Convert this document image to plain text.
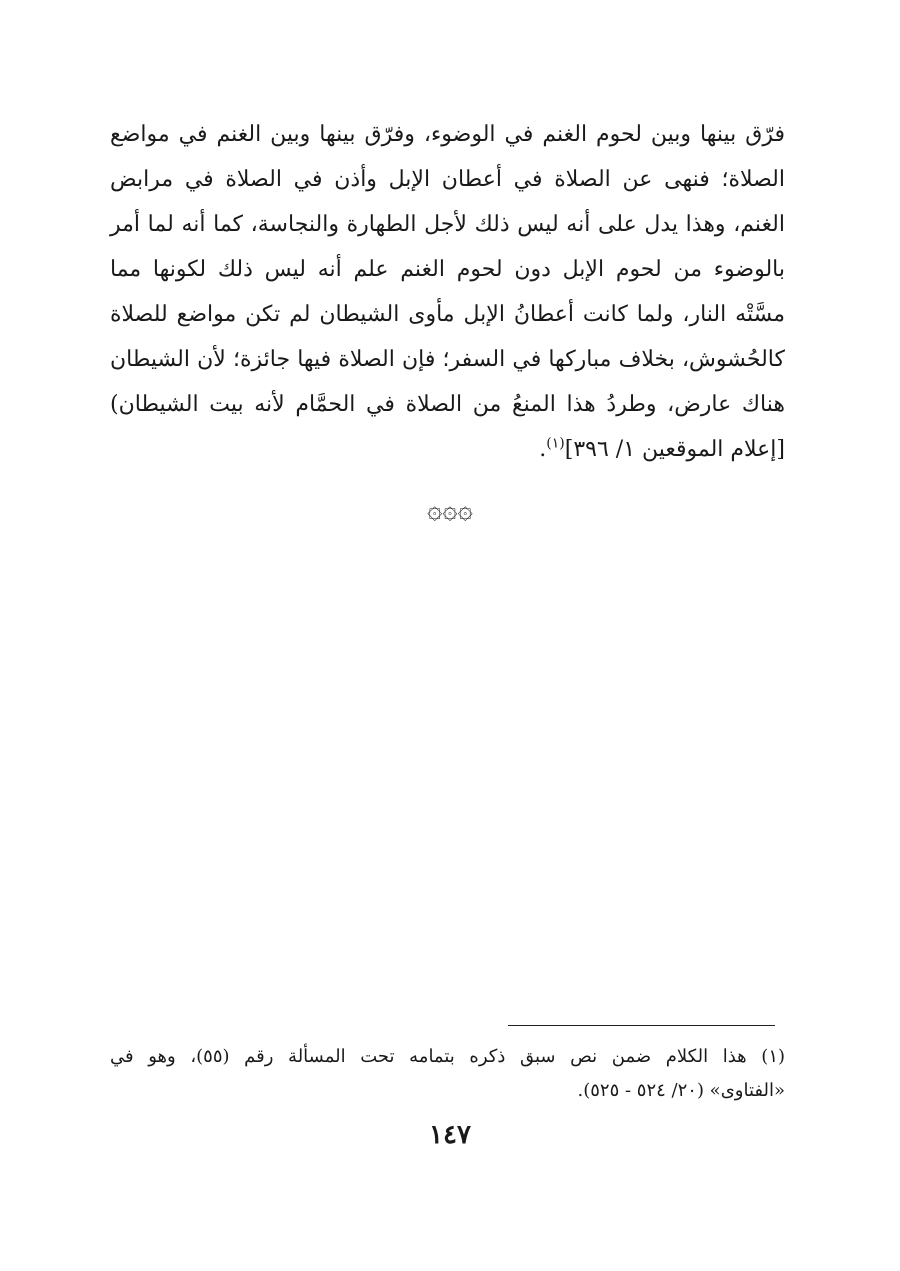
فرّق بينها وبين لحوم الغنم في الوضوء، وفرّق بينها وبين الغنم في مواضع
الصلاة؛ فنهى عن الصلاة في أعطان الإبل وأذن في الصلاة في مرابض
الغنم، وهذا يدل على أنه ليس ذلك لأجل الطهارة والنجاسة، كما أنه لما أمر
بالوضوء من لحوم الإبل دون لحوم الغنم علم أنه ليس ذلك لكونها مما
مسَّتْه النار، ولما كانت أعطانُ الإبل مأوى الشيطان لم تكن مواضع للصلاة
كالحُشوش، بخلاف مباركها في السفر؛ فإن الصلاة فيها جائزة؛ لأن الشيطان
هناك عارض، وطردُ هذا المنعُ من الصلاة في الحمَّام لأنه بيت الشيطان)
[إعلام الموقعين ١/ ٣٩٦]$^{(١)}$.
۞۞۞
(١) هذا الكلام ضمن نص سبق ذكره بتمامه تحت المسألة رقم (٥٥)، وهو في
«الفتاوى» (٢٠/ ٥٢٤ - ٥٢٥).
١٤٧
